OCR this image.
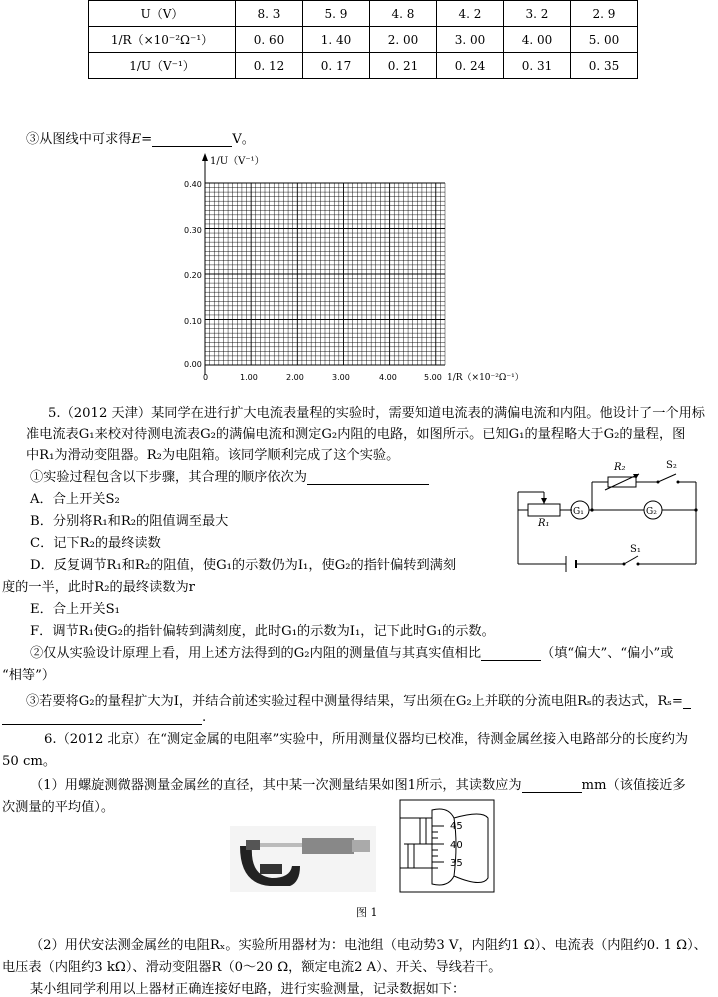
U（V）	8. 3	5. 9	4. 8	4. 2	3. 2	2. 9
1/R（×10⁻²Ω⁻¹）	0. 60	1. 40	2. 00	3. 00	4. 00	5. 00
1/U（V⁻¹）	0. 12	0. 17	0. 21	0. 24	0. 31	0. 35
③从图线中可求得E=	V。
1/U（V⁻¹）
0.40
0.30
0.20
0.10
0.00
0	1.00	2.00	3.00	4.00	5.00 1/R（×10⁻²Ω⁻¹）
5.（2012 天津）某同学在进行扩大电流表量程的实验时，需要知道电流表的满偏电流和内阻。他设计了一个用标
准电流表G₁来校对待测电流表G₂的满偏电流和测定G₂内阻的电路，如图所示。已知G₁的量程略大于G₂的量程，图
中R₁为滑动变阻器。R₂为电阻箱。该同学顺利完成了这个实验。
①实验过程包含以下步骤，其合理的顺序依次为
A．合上开关S₂
B．分别将R₁和R₂的阻值调至最大
C．记下R₂的最终读数
D．反复调节R₁和R₂的阻值，使G₁的示数仍为I₁，使G₂的指针偏转到满刻
度的一半，此时R₂的最终读数为r
E．合上开关S₁
F．调节R₁使G₂的指针偏转到满刻度，此时G₁的示数为I₁，记下此时G₁的示数。
②仅从实验设计原理上看，用上述方法得到的G₂内阻的测量值与其真实值相比	（填“偏大”、“偏小”或
“相等”）
③若要将G₂的量程扩大为I，并结合前述实验过程中测量得结果，写出须在G₂上并联的分流电阻Rₛ的表达式，Rₛ=
.
R₂	S₂
R₁
G₁	G₂
S₁
6.（2012 北京）在“测定金属的电阻率”实验中，所用测量仪器均已校准，待测金属丝接入电路部分的长度约为
50 cm。
（1）用螺旋测微器测量金属丝的直径，其中某一次测量结果如图1所示，其读数应为	mm（该值接近多
次测量的平均值）。
45
40
35
图 1
（2）用伏安法测金属丝的电阻Rₓ。实验所用器材为：电池组（电动势3 V，内阻约1 Ω）、电流表（内阻约0. 1 Ω）、
电压表（内阻约3 kΩ）、滑动变阻器R（0～20 Ω，额定电流2 A）、开关、导线若干。
某小组同学利用以上器材正确连接好电路，进行实验测量，记录数据如下：
